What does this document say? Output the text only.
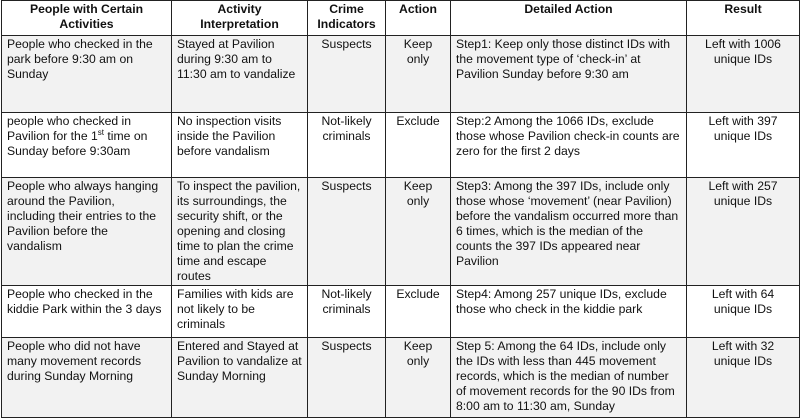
People with Certain Activities	Activity Interpretation	Crime Indicators	Action	Detailed Action	Result
People who checked in the park before 9:30 am on Sunday	Stayed at Pavilion during 9:30 am to 11:30 am to vandalize	Suspects	Keep only	Step1: Keep only those distinct IDs with the movement type of ‘check-in’ at Pavilion Sunday before 9:30 am	Left with 1006 unique IDs
people who checked in Pavilion for the 1st time on Sunday before 9:30am	No inspection visits inside the Pavilion before vandalism	Not-likely criminals	Exclude	Step:2 Among the 1066 IDs, exclude those whose Pavilion check-in counts are zero for the first 2 days	Left with 397 unique IDs
People who always hanging around the Pavilion, including their entries to the Pavilion before the vandalism	To inspect the pavilion, its surroundings, the security shift, or the opening and closing time to plan the crime time and escape routes	Suspects	Keep only	Step3: Among the 397 IDs, include only those whose ‘movement’ (near Pavilion) before the vandalism occurred more than 6 times, which is the median of the counts the 397 IDs appeared near Pavilion	Left with 257 unique IDs
People who checked in the kiddie Park within the 3 days	Families with kids are not likely to be criminals	Not-likely criminals	Exclude	Step4: Among 257 unique IDs, exclude those who check in the kiddie park	Left with 64 unique IDs
People who did not have many movement records during Sunday Morning	Entered and Stayed at Pavilion to vandalize at Sunday Morning	Suspects	Keep only	Step 5: Among the 64 IDs, include only the IDs with less than 445 movement records, which is the median of number of movement records for the 90 IDs from 8:00 am to 11:30 am, Sunday	Left with 32 unique IDs
